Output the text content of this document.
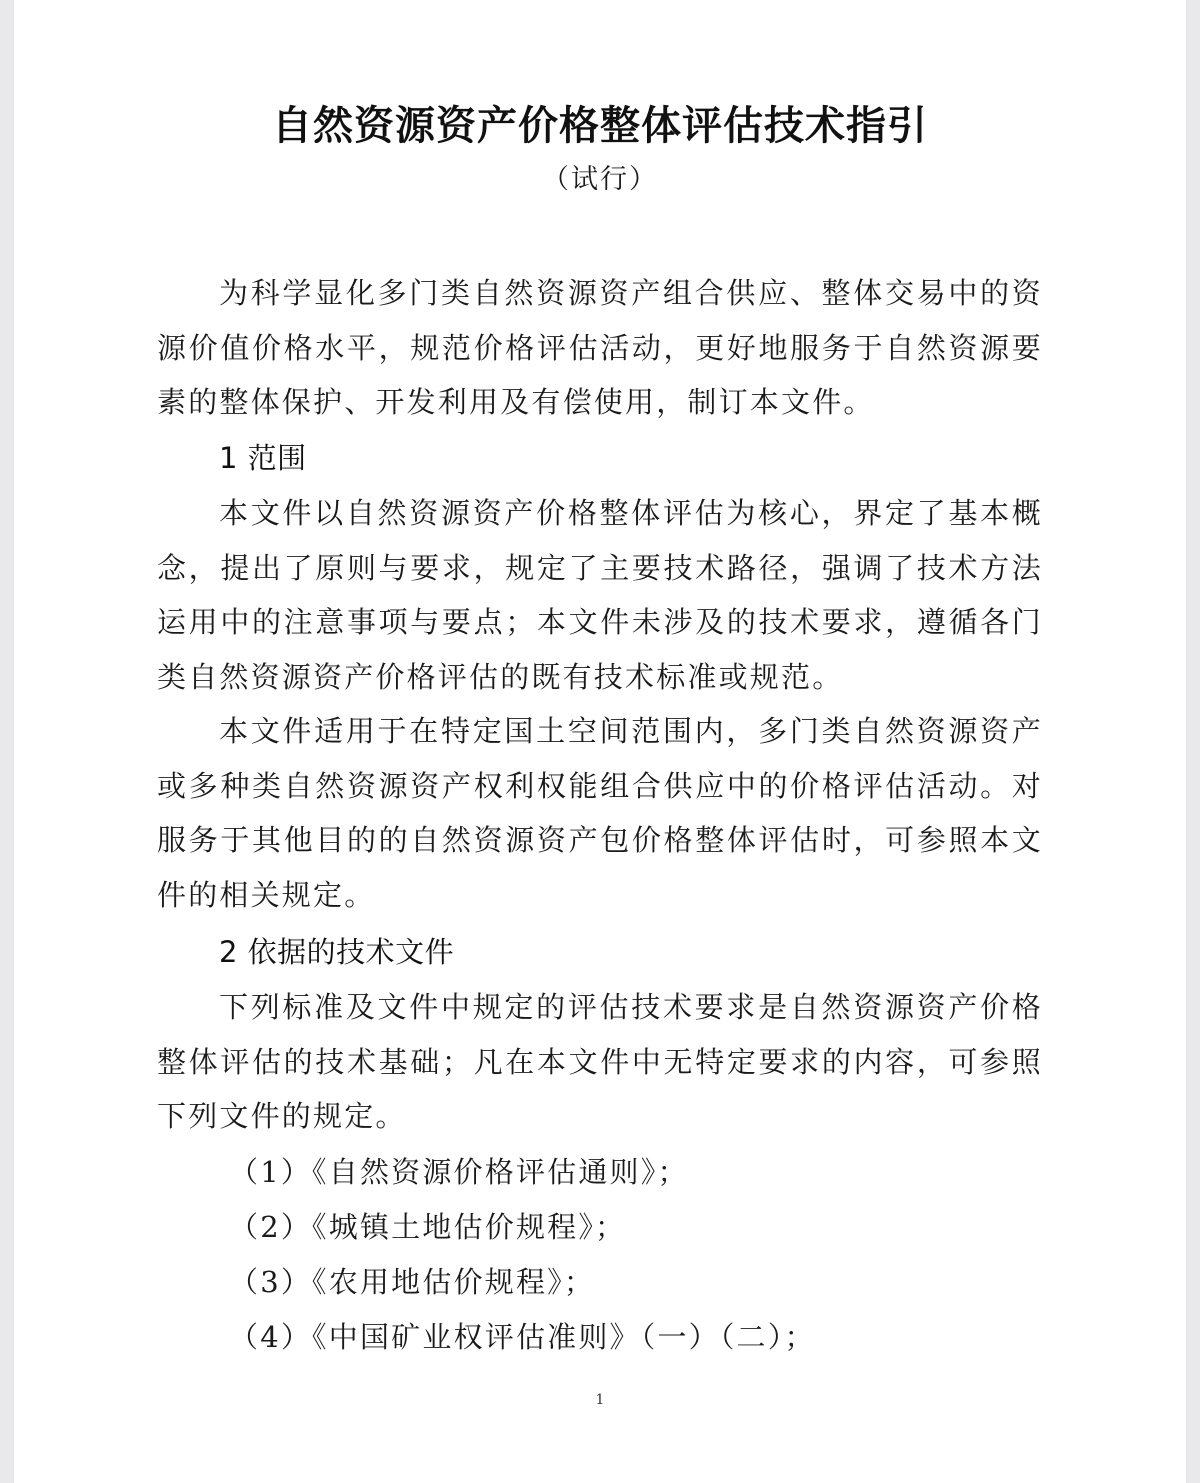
自然资源资产价格整体评估技术指引
（试行）

为科学显化多门类自然资源资产组合供应、整体交易中的资源价值价格水平，规范价格评估活动，更好地服务于自然资源要素的整体保护、开发利用及有偿使用，制订本文件。

1 范围

本文件以自然资源资产价格整体评估为核心，界定了基本概念，提出了原则与要求，规定了主要技术路径，强调了技术方法运用中的注意事项与要点；本文件未涉及的技术要求，遵循各门类自然资源资产价格评估的既有技术标准或规范。

本文件适用于在特定国土空间范围内，多门类自然资源资产或多种类自然资源资产权利权能组合供应中的价格评估活动。对服务于其他目的的自然资源资产包价格整体评估时，可参照本文件的相关规定。

2 依据的技术文件

下列标准及文件中规定的评估技术要求是自然资源资产价格整体评估的技术基础；凡在本文件中无特定要求的内容，可参照下列文件的规定。

（1）《自然资源价格评估通则》；
（2）《城镇土地估价规程》；
（3）《农用地估价规程》；
（4）《中国矿业权评估准则》（一）（二）；
1
